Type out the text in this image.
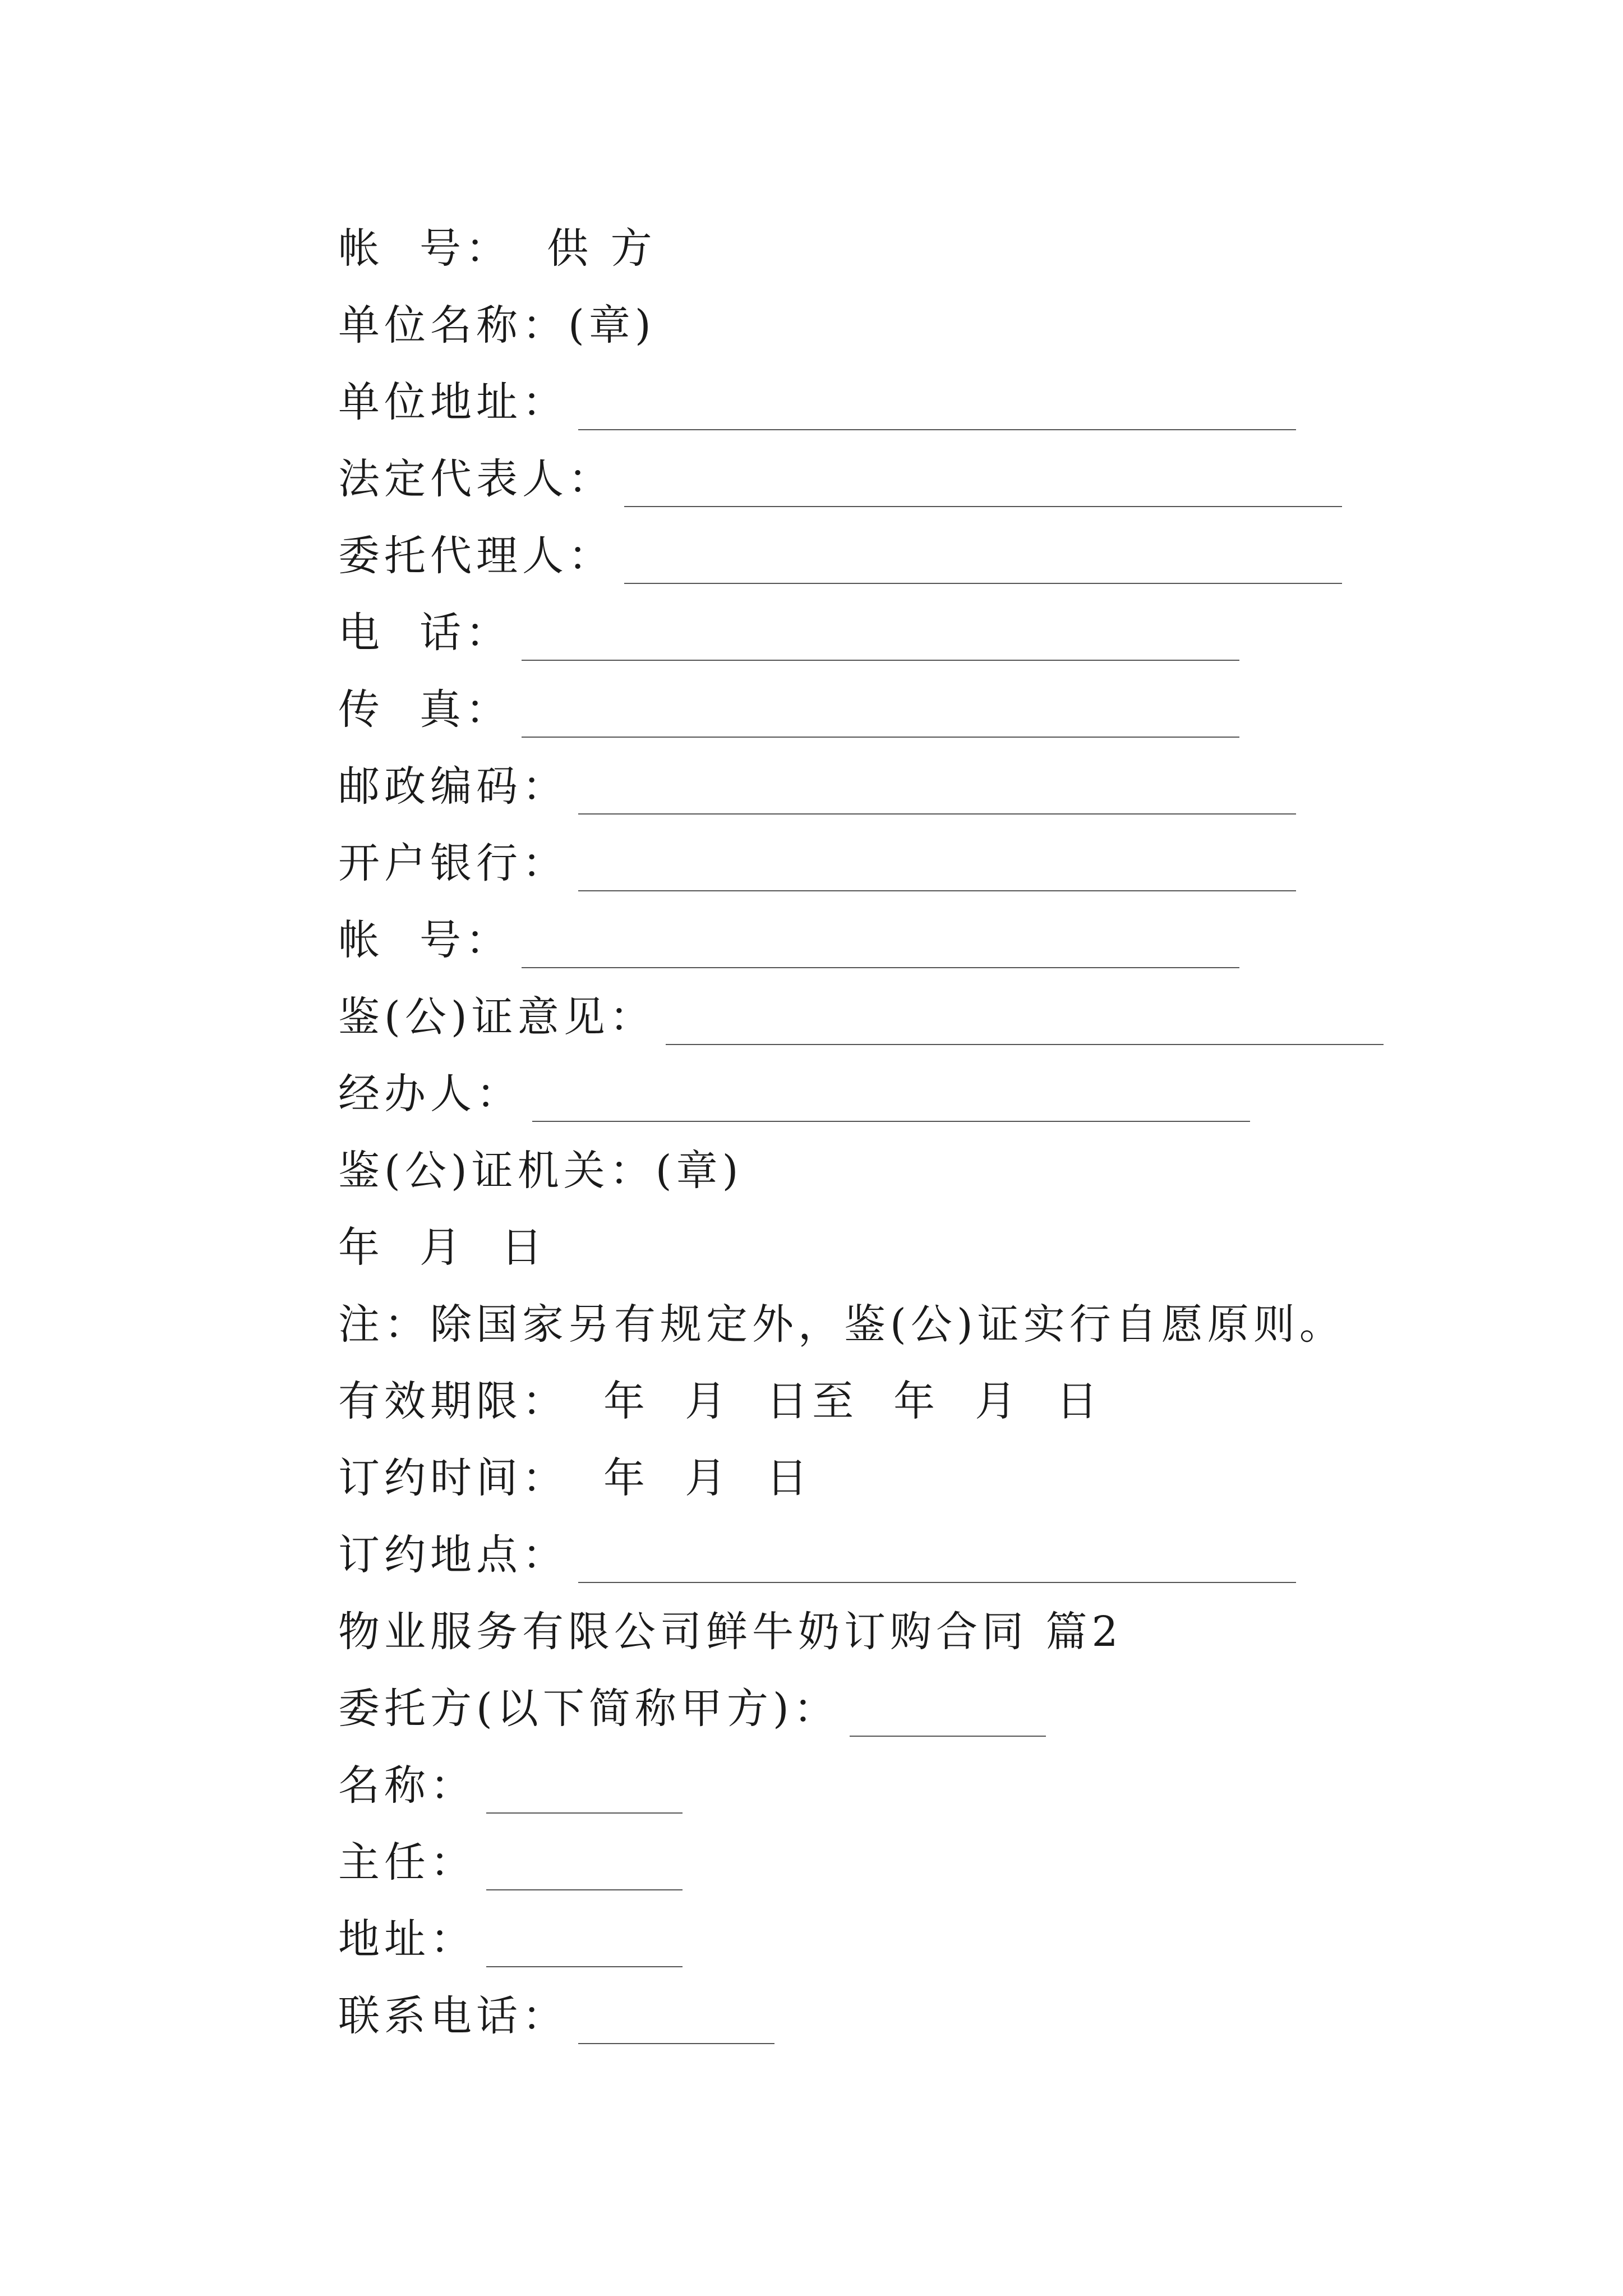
帐  号：  供 方
单位名称：(章)
单位地址：
法定代表人：
委托代理人：
电  话：
传  真：
邮政编码：
开户银行：
帐  号：
鉴(公)证意见：
经办人：
鉴(公)证机关：(章)
年  月  日
注：除国家另有规定外，鉴(公)证实行自愿原则。
有效期限：  年  月  日至  年  月  日
订约时间：  年  月  日
订约地点：
物业服务有限公司鲜牛奶订购合同 篇2
委托方(以下简称甲方)：
名称：
主任：
地址：
联系电话：
